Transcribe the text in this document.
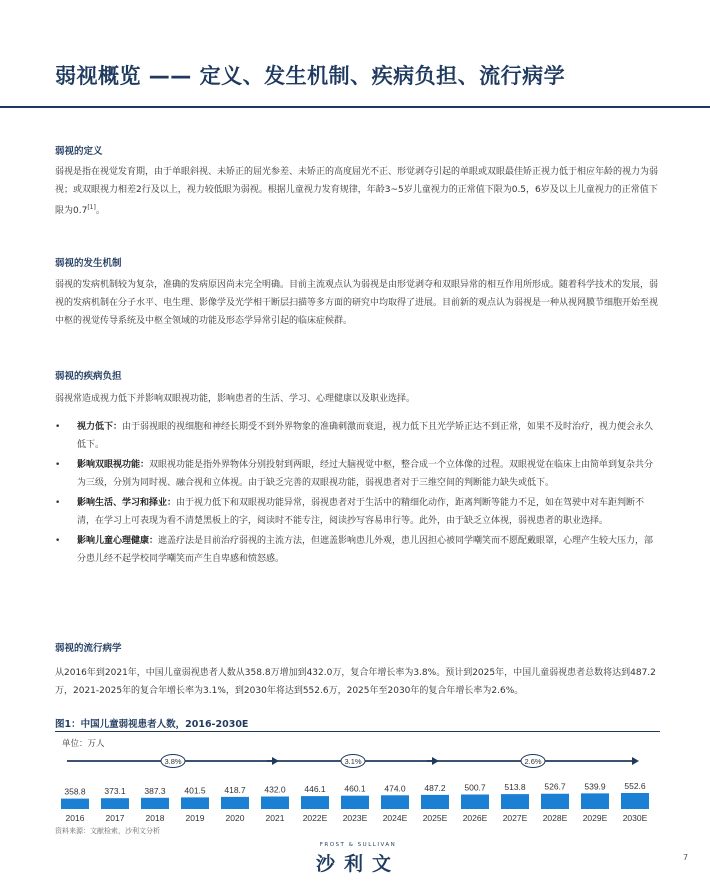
弱视概览 —— 定义、发生机制、疾病负担、流行病学
弱视的定义
弱视是指在视觉发育期，由于单眼斜视、未矫正的屈光参差、未矫正的高度屈光不正、形觉剥夺引起的单眼或双眼最佳矫正视力低于相应年龄的视力为弱视；或双眼视力相差2行及以上，视力较低眼为弱视。根据儿童视力发育规律，年龄3~5岁儿童视力的正常值下限为0.5，6岁及以上儿童视力的正常值下限为0.7[1]。
弱视的发生机制
弱视的发病机制较为复杂，准确的发病原因尚未完全明确。目前主流观点认为弱视是由形觉剥夺和双眼异常的相互作用所形成。随着科学技术的发展，弱视的发病机制在分子水平、电生理、影像学及光学相干断层扫描等多方面的研究中均取得了进展。目前新的观点认为弱视是一种从视网膜节细胞开始至视中枢的视觉传导系统及中枢全领域的功能及形态学异常引起的临床症候群。
弱视的疾病负担
弱视常造成视力低下并影响双眼视功能，影响患者的生活、学习、心理健康以及职业选择。
• 视力低下：由于弱视眼的视细胞和神经长期受不到外界物象的准确刺激而衰退，视力低下且光学矫正达不到正常，如果不及时治疗，视力便会永久低下。
• 影响双眼视功能：双眼视功能是指外界物体分别投射到两眼，经过大脑视觉中枢，整合成一个立体像的过程。双眼视觉在临床上由简单到复杂共分为三级，分别为同时视、融合视和立体视。由于缺乏完善的双眼视功能，弱视患者对于三维空间的判断能力缺失或低下。
• 影响生活、学习和择业：由于视力低下和双眼视功能异常，弱视患者对于生活中的精细化动作，距离判断等能力不足，如在驾驶中对车距判断不清，在学习上可表现为看不清楚黑板上的字，阅读时不能专注，阅读抄写容易串行等。此外，由于缺乏立体视，弱视患者的职业选择。
• 影响儿童心理健康：遮盖疗法是目前治疗弱视的主流方法，但遮盖影响患儿外观，患儿因担心被同学嘲笑而不愿配戴眼罩，心理产生较大压力，部分患儿经不起学校同学嘲笑而产生自卑感和愤怒感。
弱视的流行病学
从2016年到2021年，中国儿童弱视患者人数从358.8万增加到432.0万，复合年增长率为3.8%。预计到2025年，中国儿童弱视患者总数将达到487.2万，2021-2025年的复合年增长率为3.1%，到2030年将达到552.6万，2025年至2030年的复合年增长率为2.6%。
图1：中国儿童弱视患者人数，2016-2030E
单位：万人
358.8
2016
373.1
2017
387.3
2018
401.5
2019
418.7
2020
432.0
2021
446.1
2022E
460.1
2023E
474.0
2024E
487.2
2025E
500.7
2026E
513.8
2027E
526.7
2028E
539.9
2029E
552.6
2030E
3.8%	3.1%	2.6%
资料来源：文献检索，沙利文分析
FROST & SULLIVAN
沙利文	7
